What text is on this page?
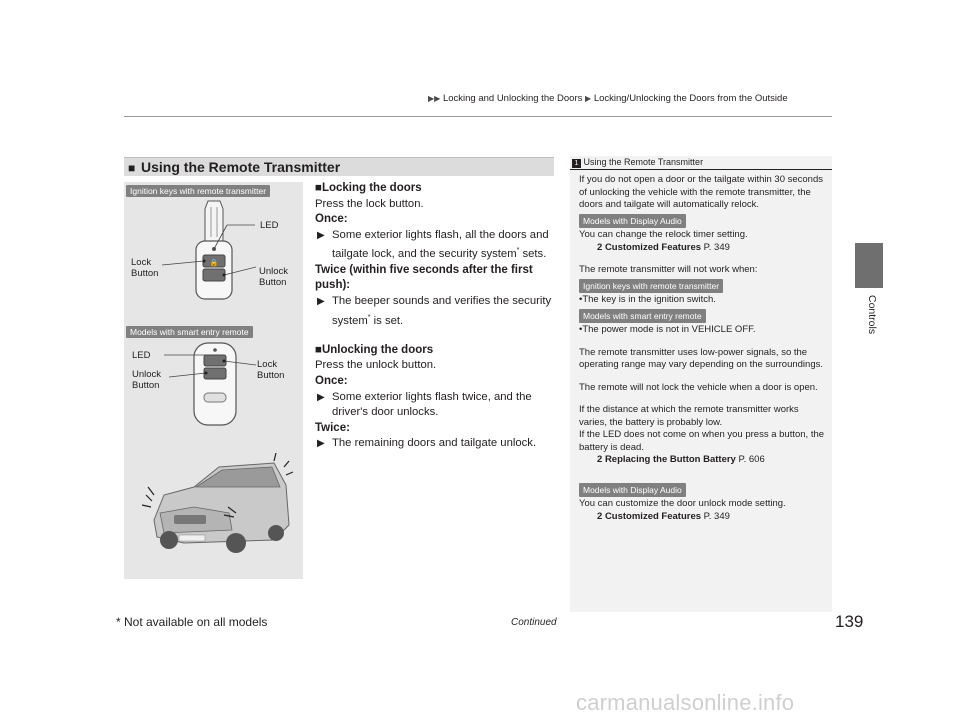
▶▶ Locking and Unlocking the Doors ▶ Locking/Unlocking the Doors from the Outside
Controls
■ Using the Remote Transmitter
Ignition keys with remote transmitter
🔒
LED
Lock
Button	Unlock
Button
Models with smart entry remote
LED
Unlock
Button
Lock
Button

■Locking the doors

Press the lock button.

Once:

▶ Some exterior lights flash, all the doors and tailgate lock, and the security system* sets.

Twice (within five seconds after the first push):

▶ The beeper sounds and verifies the security system* is set.

■Unlocking the doors

Press the unlock button.

Once:

▶ Some exterior lights flash twice, and the driver's door unlocks.

Twice:

▶ The remaining doors and tailgate unlock.

1 Using the Remote Transmitter

If you do not open a door or the tailgate within 30 seconds of unlocking the vehicle with the remote transmitter, the doors and tailgate will automatically relock.

Models with Display Audio

You can change the relock timer setting.

2 Customized Features P. 349

The remote transmitter will not work when:

Ignition keys with remote transmitter

•The key is in the ignition switch.

Models with smart entry remote

•The power mode is not in VEHICLE OFF.

The remote transmitter uses low-power signals, so the operating range may vary depending on the surroundings.

The remote will not lock the vehicle when a door is open.

If the distance at which the remote transmitter works varies, the battery is probably low.

If the LED does not come on when you press a button, the battery is dead.

2 Replacing the Button Battery P. 606

Models with Display Audio

You can customize the door unlock mode setting.

2 Customized Features P. 349

* Not available on all models	Continued	139
carmanualsonline.info
